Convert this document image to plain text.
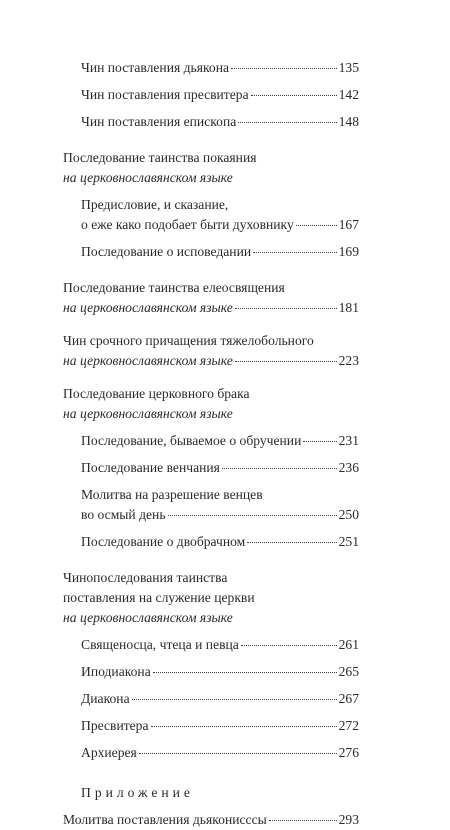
Чин поставления дьякона	135
Чин поставления пресвитера	142
Чин поставления епископа	148
Последование таинства покаяния
на церковнославянском языке
Предисловие, и сказание,
о еже како подобает быти духовнику	167
Последование о исповедании	169
Последование таинства елеосвящения
на церковнославянском языке	181
Чин срочного причащения тяжелобольного
на церковнославянском языке	223
Последование церковного брака
на церковнославянском языке
Последование, бываемое о обручении	231
Последование венчания	236
Молитва на разрешение венцев
во осмый день	250
Последование о двобрачном	251
Чинопоследования таинства
поставления на служение церкви
на церковнославянском языке
Священосца, чтеца и певца	261
Иподиакона	265
Диакона	267
Пресвитера	272
Архиерея	276
Приложение
Молитва поставления дьяконисссы	293
